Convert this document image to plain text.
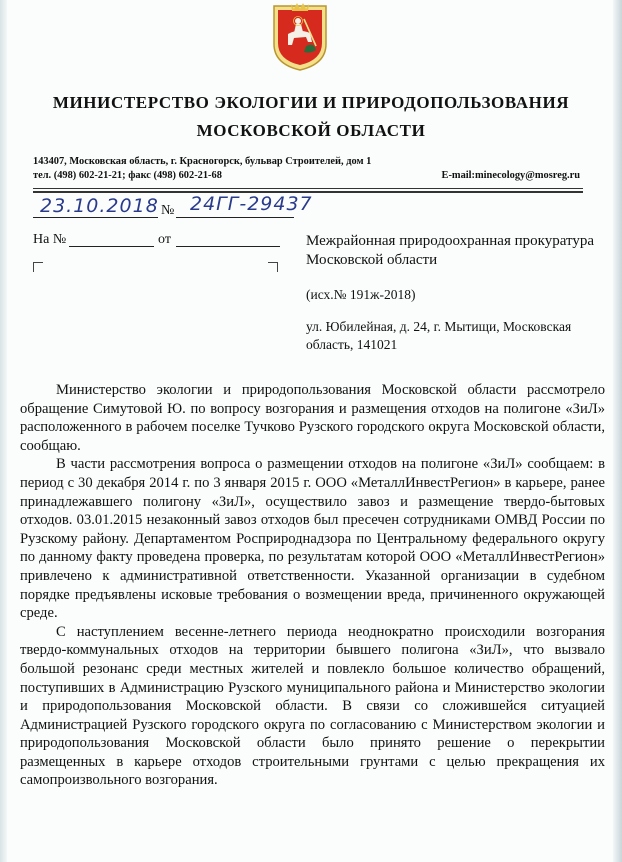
МИНИСТЕРСТВО ЭКОЛОГИИ И ПРИРОДОПОЛЬЗОВАНИЯ
МОСКОВСКОЙ ОБЛАСТИ
143407, Московская область, г. Красногорск, бульвар Строителей, дом 1
тел. (498) 602-21-21; факс (498) 602-21-68	E-mail:minecology@mosreg.ru
23.10.2018 № 24ГГ-29437
На №	от	Межрайонная природоохранная прокуратура Московской области
(исх.№ 191ж-2018)
ул. Юбилейная, д. 24, г. Мытищи, Московская область, 141021

Министерство экологии и природопользования Московской области рассмотрело обращение Симутовой Ю. по вопросу возгорания и размещения отходов на полигоне «ЗиЛ» расположенного в рабочем поселке Тучково Рузского городского округа Московской области, сообщаю.

В части рассмотрения вопроса о размещении отходов на полигоне «ЗиЛ» сообщаем: в период с 30 декабря 2014 г. по 3 января 2015 г. ООО «МеталлИнвестРегион» в карьере, ранее принадлежавшего полигону «ЗиЛ», осуществило завоз и размещение твердо-бытовых отходов. 03.01.2015 незаконный завоз отходов был пресечен сотрудниками ОМВД России по Рузскому району. Департаментом Росприроднадзора по Центральному федерального округу по данному факту проведена проверка, по результатам которой ООО «МеталлИнвестРегион» привлечено к административной ответственности. Указанной организации в судебном порядке предъявлены исковые требования о возмещении вреда, причиненного окружающей среде.

С наступлением весенне-летнего периода неоднократно происходили возгорания твердо-коммунальных отходов на территории бывшего полигона «ЗиЛ», что вызвало большой резонанс среди местных жителей и повлекло большое количество обращений, поступивших в Администрацию Рузского муниципального района и Министерство экологии и природопользования Московской области. В связи со сложившейся ситуацией Администрацией Рузского городского округа по согласованию с Министерством экологии и природопользования Московской области было принято решение о перекрытии размещенных в карьере отходов строительными грунтами с целью прекращения их самопроизвольного возгорания.
